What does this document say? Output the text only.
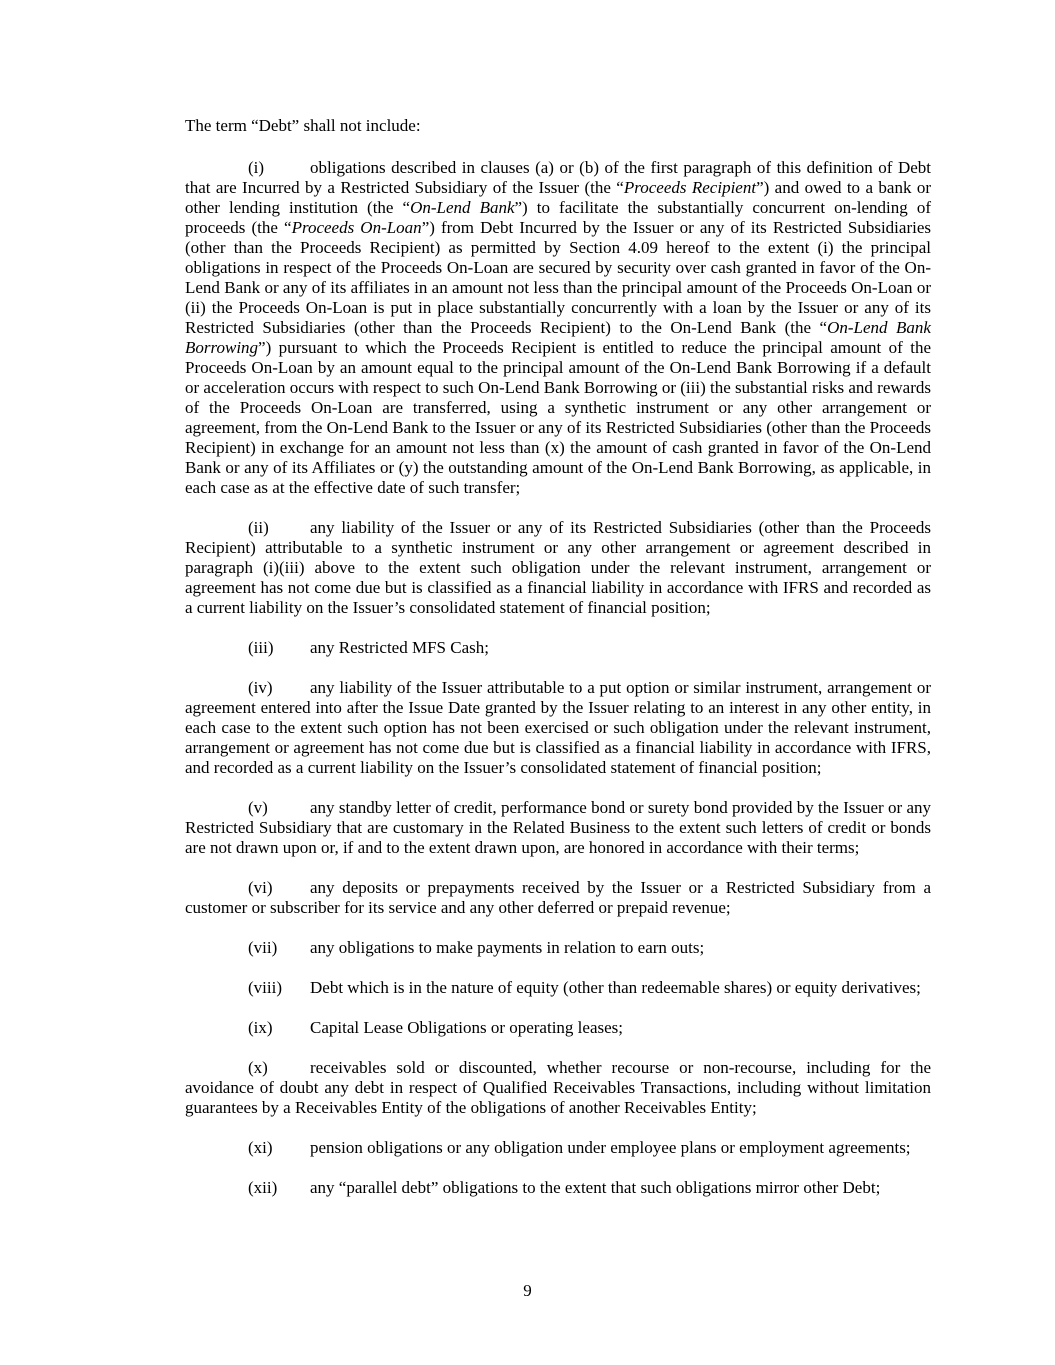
The term “Debt” shall not include:

(i)	obligations described in clauses (a) or (b) of the first paragraph of this definition of Debt that are Incurred by a Restricted Subsidiary of the Issuer (the “Proceeds Recipient”) and owed to a bank or other lending institution (the “On-Lend Bank”) to facilitate the substantially concurrent on-lending of proceeds (the “Proceeds On-Loan”) from Debt Incurred by the Issuer or any of its Restricted Subsidiaries (other than the Proceeds Recipient) as permitted by Section 4.09 hereof to the extent (i) the principal obligations in respect of the Proceeds On-Loan are secured by security over cash granted in favor of the On-Lend Bank or any of its affiliates in an amount not less than the principal amount of the Proceeds On-Loan or (ii) the Proceeds On-Loan is put in place substantially concurrently with a loan by the Issuer or any of its Restricted Subsidiaries (other than the Proceeds Recipient) to the On-Lend Bank (the “On-Lend Bank Borrowing”) pursuant to which the Proceeds Recipient is entitled to reduce the principal amount of the Proceeds On-Loan by an amount equal to the principal amount of the On-Lend Bank Borrowing if a default or acceleration occurs with respect to such On-Lend Bank Borrowing or (iii) the substantial risks and rewards of the Proceeds On-Loan are transferred, using a synthetic instrument or any other arrangement or agreement, from the On-Lend Bank to the Issuer or any of its Restricted Subsidiaries (other than the Proceeds Recipient) in exchange for an amount not less than (x) the amount of cash granted in favor of the On-Lend Bank or any of its Affiliates or (y) the outstanding amount of the On-Lend Bank Borrowing, as applicable, in each case as at the effective date of such transfer;

(ii) any liability of the Issuer or any of its Restricted Subsidiaries (other than the Proceeds Recipient) attributable to a synthetic instrument or any other arrangement or agreement described in paragraph (i)(iii) above to the extent such obligation under the relevant instrument, arrangement or agreement has not come due but is classified as a financial liability in accordance with IFRS and recorded as a current liability on the Issuer’s consolidated statement of financial position;

(iii) any Restricted MFS Cash;

(iv) any liability of the Issuer attributable to a put option or similar instrument, arrangement or agreement entered into after the Issue Date granted by the Issuer relating to an interest in any other entity, in each case to the extent such option has not been exercised or such obligation under the relevant instrument, arrangement or agreement has not come due but is classified as a financial liability in accordance with IFRS, and recorded as a current liability on the Issuer’s consolidated statement of financial position;

(v) any standby letter of credit, performance bond or surety bond provided by the Issuer or any Restricted Subsidiary that are customary in the Related Business to the extent such letters of credit or bonds are not drawn upon or, if and to the extent drawn upon, are honored in accordance with their terms;

(vi) any deposits or prepayments received by the Issuer or a Restricted Subsidiary from a customer or subscriber for its service and any other deferred or prepaid revenue;

(vii) any obligations to make payments in relation to earn outs;

(viii) Debt which is in the nature of equity (other than redeemable shares) or equity derivatives;

(ix) Capital Lease Obligations or operating leases;

(x) receivables sold or discounted, whether recourse or non-recourse, including for the avoidance of doubt any debt in respect of Qualified Receivables Transactions, including without limitation guarantees by a Receivables Entity of the obligations of another Receivables Entity;

(xi) pension obligations or any obligation under employee plans or employment agreements;

(xii) any “parallel debt” obligations to the extent that such obligations mirror other Debt;

9
